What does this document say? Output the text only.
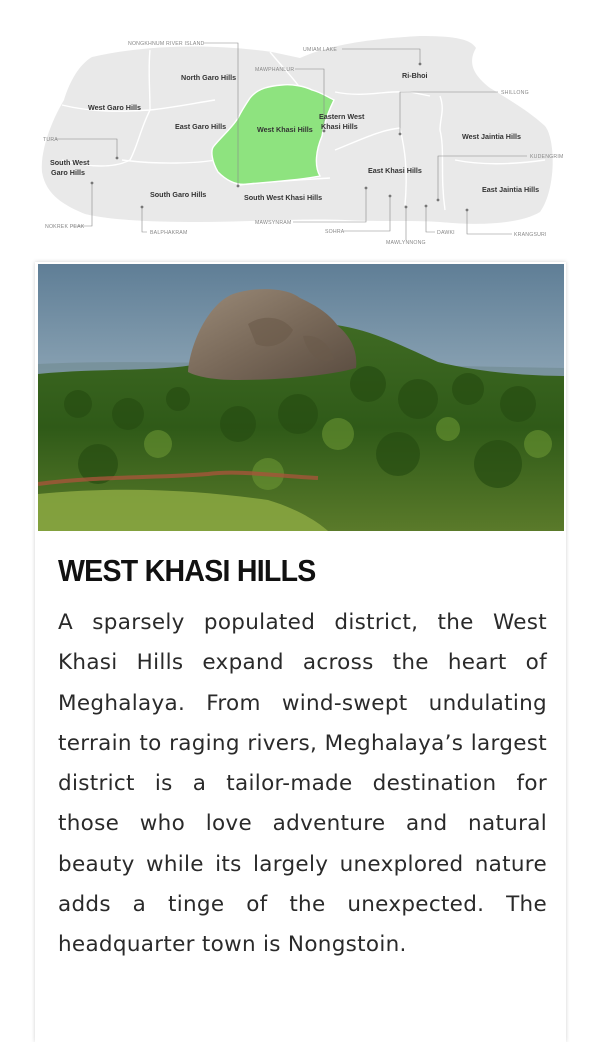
North Garo Hills
West Garo Hills
East Garo Hills	West Khasi Hills
Eastern West
Khasi Hills
Ri-Bhoi
West Jaintia Hills
South West
Garo Hills
South Garo Hills	South West Khasi Hills
East Khasi Hills
East Jaintia Hills
NONGKHNUM RIVER ISLAND
UMIAM LAKE
MAWPHANLUR
SHILLONG
TURA
KUDENGRIM
NOKREK PEAK
BALPHAKRAM
MAWSYNRAM
SOHRA
MAWLYNNONG
DAWKI	KRANGSURI
WEST KHASI HILLS

A sparsely populated district, the West Khasi Hills expand across the heart of Meghalaya. From wind-swept undulating terrain to raging rivers, Meghalaya’s largest district is a tailor-made destination for those who love adventure and natural beauty while its largely unexplored nature adds a tinge of the unexpected. The headquarter town is Nongstoin.
